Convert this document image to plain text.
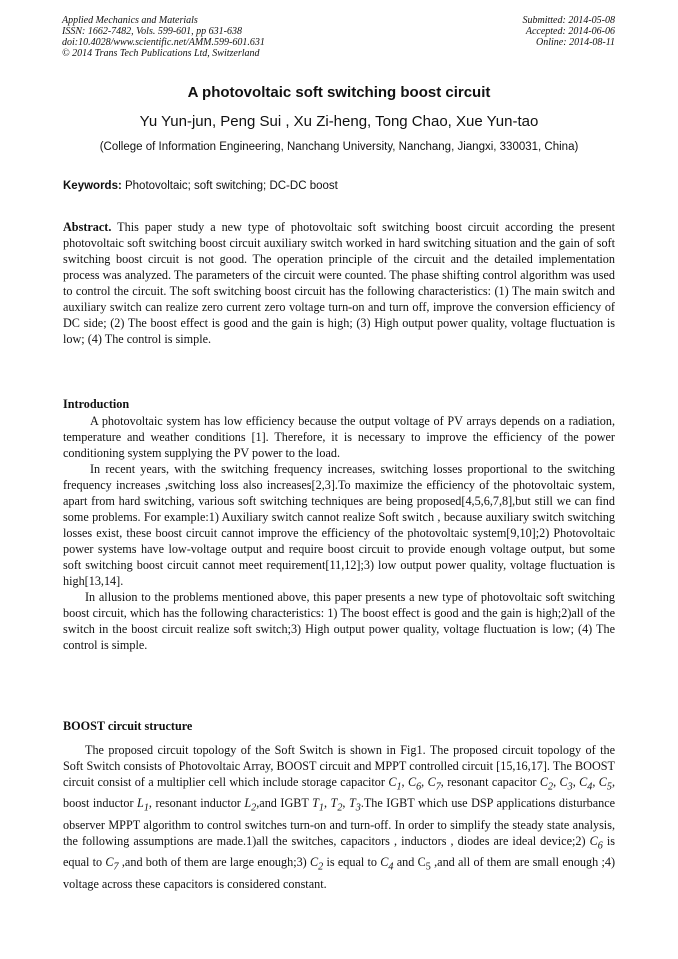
Applied Mechanics and Materials
ISSN: 1662-7482, Vols. 599-601, pp 631-638
doi:10.4028/www.scientific.net/AMM.599-601.631
© 2014 Trans Tech Publications Ltd, Switzerland
Submitted: 2014-05-08
Accepted: 2014-06-06
Online: 2014-08-11
A photovoltaic soft switching boost circuit
Yu Yun-jun, Peng Sui , Xu Zi-heng, Tong Chao, Xue Yun-tao
(College of Information Engineering, Nanchang University, Nanchang, Jiangxi, 330031, China)
Keywords: Photovoltaic; soft switching; DC-DC boost

Abstract. This paper study a new type of photovoltaic soft switching boost circuit according the present photovoltaic soft switching boost circuit auxiliary switch worked in hard switching situation and the gain of soft switching boost circuit is not good. The operation principle of the circuit and the detailed implementation process was analyzed. The parameters of the circuit were counted. The phase shifting control algorithm was used to control the circuit. The soft switching boost circuit has the following characteristics: (1) The main switch and auxiliary switch can realize zero current zero voltage turn-on and turn off, improve the conversion efficiency of DC side; (2) The boost effect is good and the gain is high; (3) High output power quality, voltage fluctuation is low; (4) The control is simple.

Introduction

A photovoltaic system has low efficiency because the output voltage of PV arrays depends on a radiation, temperature and weather conditions [1]. Therefore, it is necessary to improve the efficiency of the power conditioning system supplying the PV power to the load.

In recent years, with the switching frequency increases, switching losses proportional to the switching frequency increases ,switching loss also increases[2,3].To maximize the efficiency of the photovoltaic system, apart from hard switching, various soft switching techniques are being proposed[4,5,6,7,8],but still we can find some problems. For example:1) Auxiliary switch cannot realize Soft switch , because auxiliary switch switching losses exist, these boost circuit cannot improve the efficiency of the photovoltaic system[9,10];2) Photovoltaic power systems have low-voltage output and require boost circuit to provide enough voltage output, but some soft switching boost circuit cannot meet requirement[11,12];3) low output power quality, voltage fluctuation is high[13,14].

In allusion to the problems mentioned above, this paper presents a new type of photovoltaic soft switching boost circuit, which has the following characteristics: 1) The boost effect is good and the gain is high;2)all of the switch in the boost circuit realize soft switch;3) High output power quality, voltage fluctuation is low; (4) The control is simple.

BOOST circuit structure

The proposed circuit topology of the Soft Switch is shown in Fig1. The proposed circuit topology of the Soft Switch consists of Photovoltaic Array, BOOST circuit and MPPT controlled circuit [15,16,17]. The BOOST circuit consist of a multiplier cell which include storage capacitor $C_1$, $C_6$, $C_7$, resonant capacitor $C_2$, $C_3$, $C_4$, $C_5$, boost inductor $L_1$, resonant inductor $L_2,and$ IGBT $T_1$, $T_2$, $T_3.The$ IGBT which use DSP applications disturbance observer MPPT algorithm to control switches turn-on and turn-off. In order to simplify the steady state analysis, the following assumptions are made.1)all the switches, capacitors , inductors , diodes are ideal device;2) $C_6$ is equal to $C_7$ ,and both of them are large enough;3) $C_2$ is equal to $C_4$ and $C_5$ ,and all of them are small enough ;4) voltage across these capacitors is considered constant.
